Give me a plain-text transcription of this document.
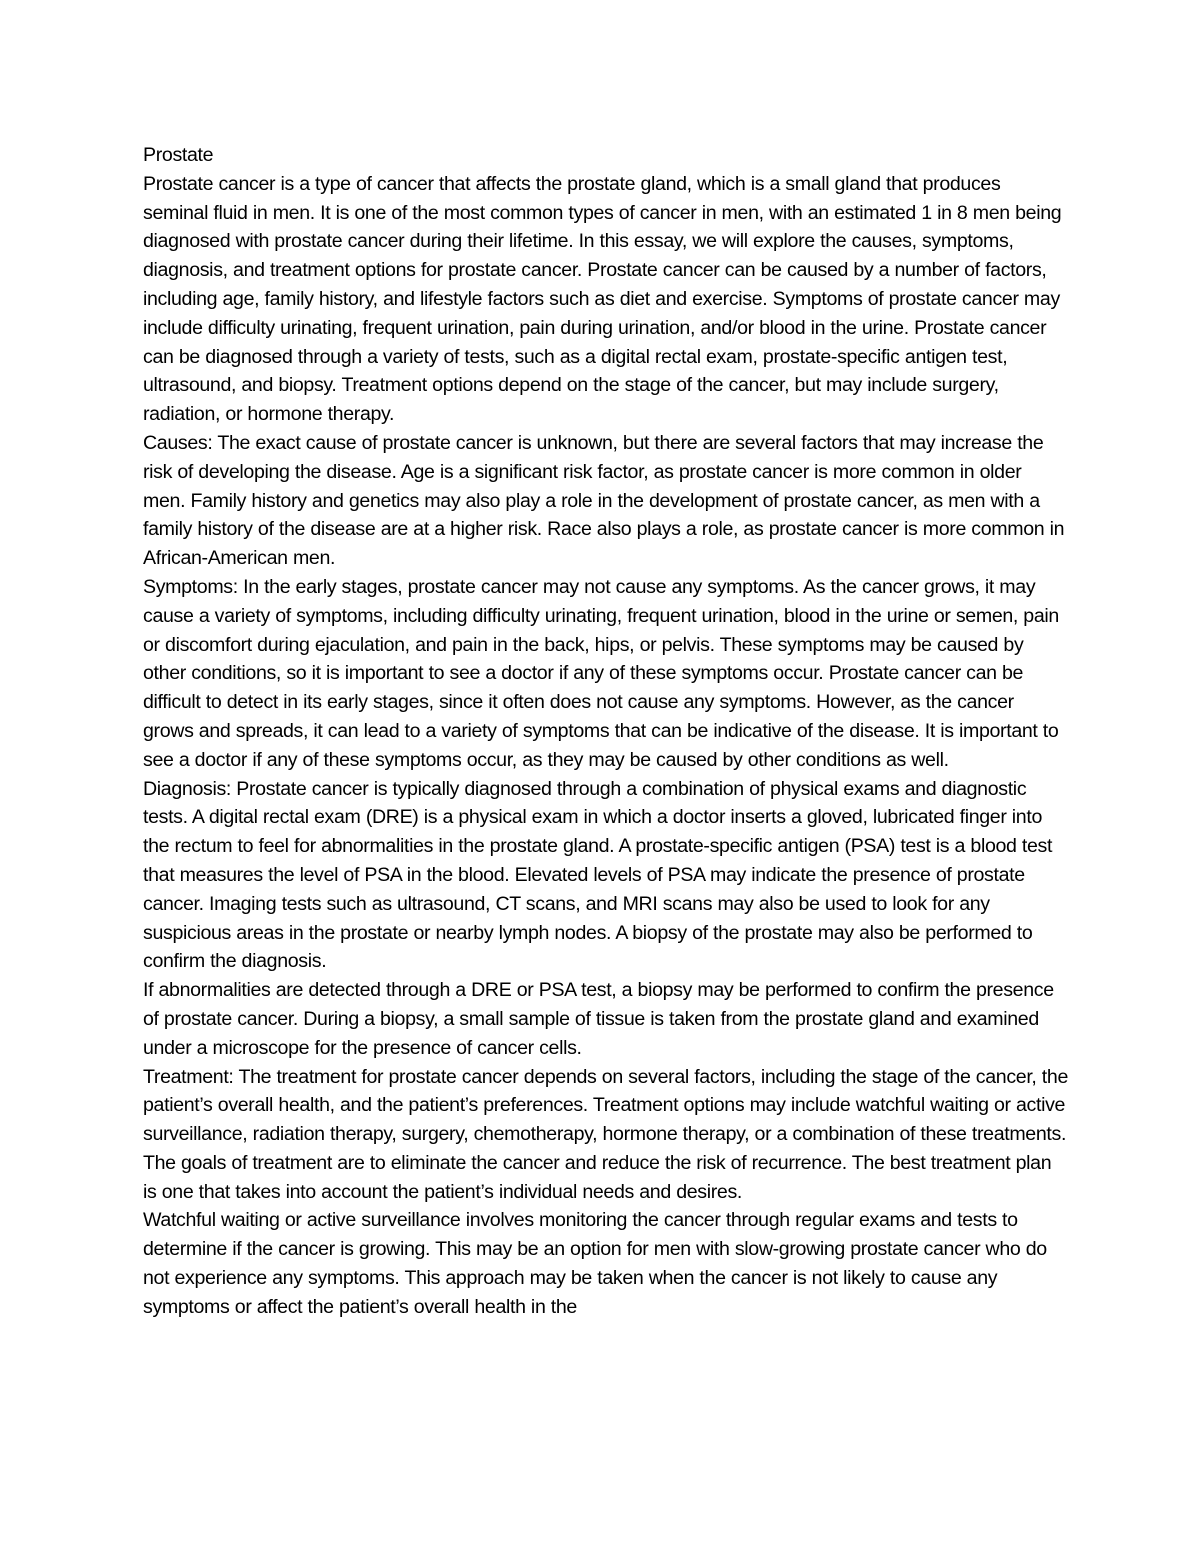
Prostate

Prostate cancer is a type of cancer that affects the prostate gland, which is a small gland that produces seminal fluid in men. It is one of the most common types of cancer in men, with an estimated 1 in 8 men being diagnosed with prostate cancer during their lifetime. In this essay, we will explore the causes, symptoms, diagnosis, and treatment options for prostate cancer. Prostate cancer can be caused by a number of factors, including age, family history, and lifestyle factors such as diet and exercise. Symptoms of prostate cancer may include difficulty urinating, frequent urination, pain during urination, and/or blood in the urine. Prostate cancer can be diagnosed through a variety of tests, such as a digital rectal exam, prostate-specific antigen test, ultrasound, and biopsy. Treatment options depend on the stage of the cancer, but may include surgery, radiation, or hormone therapy.

Causes: The exact cause of prostate cancer is unknown, but there are several factors that may increase the risk of developing the disease. Age is a significant risk factor, as prostate cancer is more common in older men. Family history and genetics may also play a role in the development of prostate cancer, as men with a family history of the disease are at a higher risk. Race also plays a role, as prostate cancer is more common in African-American men.

Symptoms: In the early stages, prostate cancer may not cause any symptoms. As the cancer grows, it may cause a variety of symptoms, including difficulty urinating, frequent urination, blood in the urine or semen, pain or discomfort during ejaculation, and pain in the back, hips, or pelvis. These symptoms may be caused by other conditions, so it is important to see a doctor if any of these symptoms occur. Prostate cancer can be difficult to detect in its early stages, since it often does not cause any symptoms. However, as the cancer grows and spreads, it can lead to a variety of symptoms that can be indicative of the disease. It is important to see a doctor if any of these symptoms occur, as they may be caused by other conditions as well.

Diagnosis: Prostate cancer is typically diagnosed through a combination of physical exams and diagnostic tests. A digital rectal exam (DRE) is a physical exam in which a doctor inserts a gloved, lubricated finger into the rectum to feel for abnormalities in the prostate gland. A prostate-specific antigen (PSA) test is a blood test that measures the level of PSA in the blood. Elevated levels of PSA may indicate the presence of prostate cancer. Imaging tests such as ultrasound, CT scans, and MRI scans may also be used to look for any suspicious areas in the prostate or nearby lymph nodes. A biopsy of the prostate may also be performed to confirm the diagnosis.

If abnormalities are detected through a DRE or PSA test, a biopsy may be performed to confirm the presence of prostate cancer. During a biopsy, a small sample of tissue is taken from the prostate gland and examined under a microscope for the presence of cancer cells.

Treatment: The treatment for prostate cancer depends on several factors, including the stage of the cancer, the patient’s overall health, and the patient’s preferences. Treatment options may include watchful waiting or active surveillance, radiation therapy, surgery, chemotherapy, hormone therapy, or a combination of these treatments. The goals of treatment are to eliminate the cancer and reduce the risk of recurrence. The best treatment plan is one that takes into account the patient’s individual needs and desires.

Watchful waiting or active surveillance involves monitoring the cancer through regular exams and tests to determine if the cancer is growing. This may be an option for men with slow-growing prostate cancer who do not experience any symptoms. This approach may be taken when the cancer is not likely to cause any symptoms or affect the patient’s overall health in the
